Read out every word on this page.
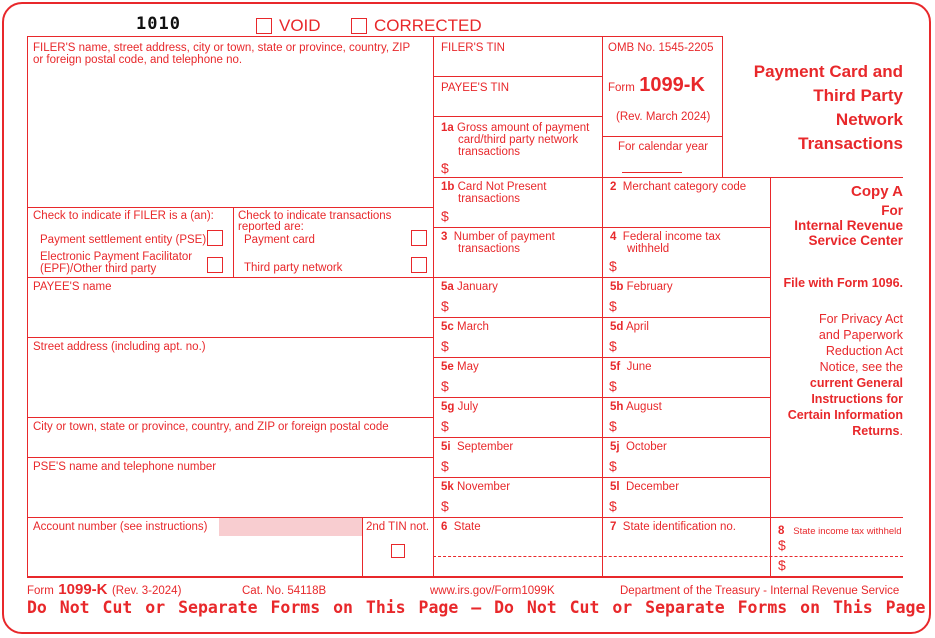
1010	VOID	CORRECTED
FILER'S name, street address, city or town, state or province, country, ZIP
or foreign postal code, and telephone no.
FILER'S TIN
PAYEE'S TIN
1a Gross amount of payment
card/third party network
transactions
$
OMB No. 1545-2205
Form 1099-K
(Rev. March 2024)
For calendar year
Payment Card and
Third Party
Network
Transactions
1b Card Not Present
transactions
$
2 Merchant category code	Copy A
For
Internal Revenue
Service Center
File with Form 1096.
For Privacy Act
and Paperwork
Reduction Act
Notice, see the
current General
Instructions for
Certain Information
Returns.
Check to indicate if FILER is a (an):
Payment settlement entity (PSE)
Electronic Payment Facilitator
(EPF)/Other third party
Check to indicate transactions
reported are:
Payment card
Third party network
3 Number of payment
transactions
4 Federal income tax
withheld
$
PAYEE'S name
Street address (including apt. no.)
City or town, state or province, country, and ZIP or foreign postal code
PSE'S name and telephone number
Account number (see instructions)	2nd TIN not.
5a January
$
5b February
$
5c March
$
5d April
$
5e May
$
5f June
$
5g July
$
5h August
$
5i September
$
5j October
$
5k November
$
5l December
$
6 State	7 State identification no.	8 State income tax withheld
$
$
Form 1099-K (Rev. 3-2024)	Cat. No. 54118B	www.irs.gov/Form1099K	Department of the Treasury - Internal Revenue Service
Do Not Cut or Separate Forms on This Page — Do Not Cut or Separate Forms on This Page
